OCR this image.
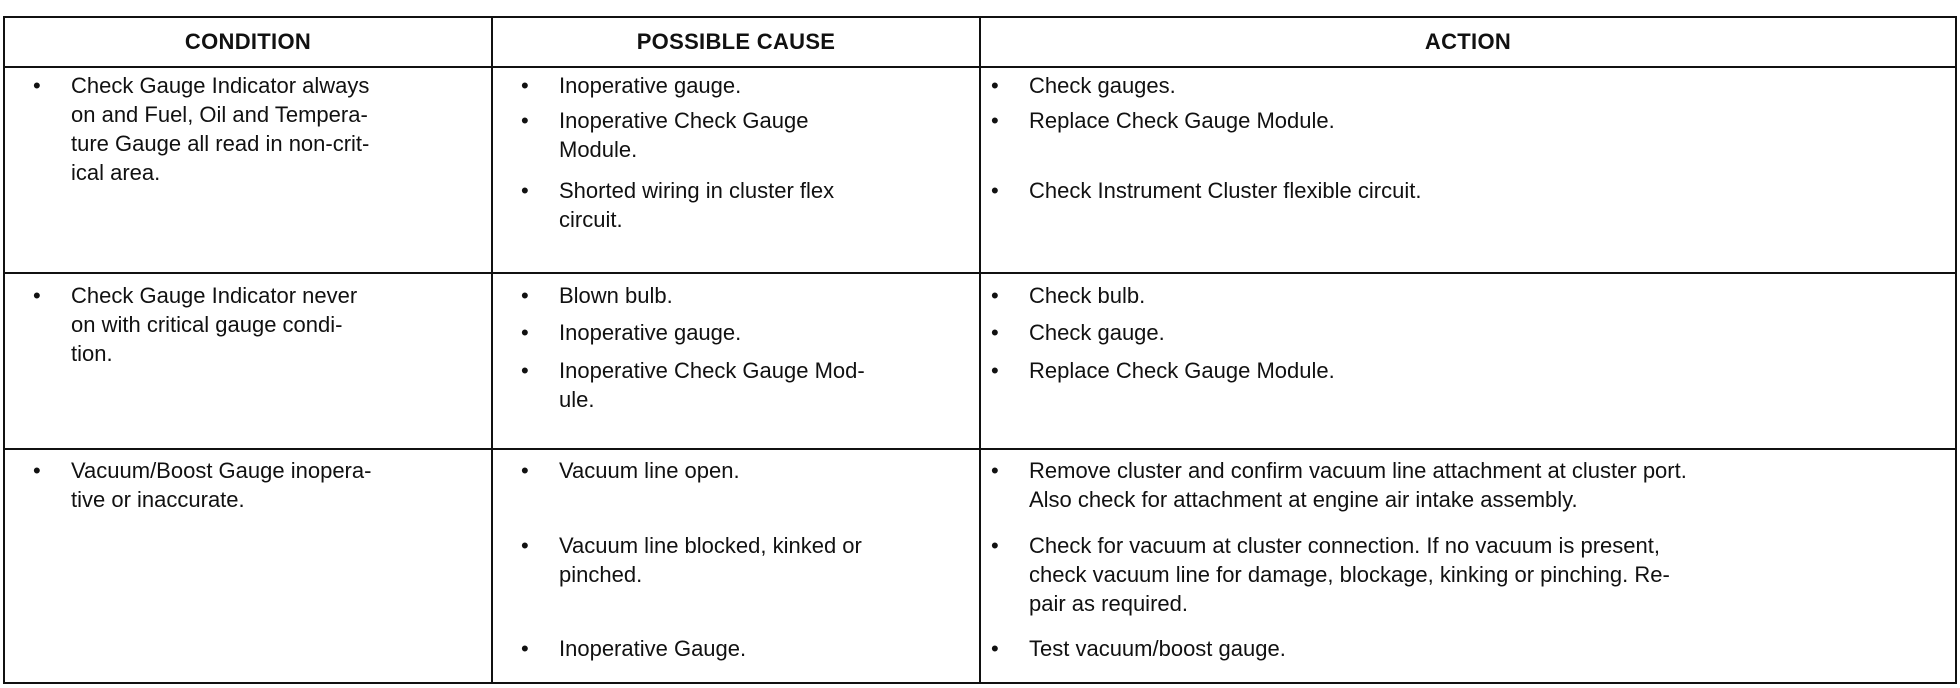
CONDITION	POSSIBLE CAUSE	ACTION
• Check Gauge Indicator always
on and Fuel, Oil and Tempera-
ture Gauge all read in non-crit-
ical area.
• Inoperative gauge.
• Inoperative Check Gauge
Module.
• Shorted wiring in cluster flex
circuit.
• Check gauges.
• Replace Check Gauge Module.
• Check Instrument Cluster flexible circuit.
• Check Gauge Indicator never
on with critical gauge condi-
tion.
• Blown bulb.
• Inoperative gauge.
• Inoperative Check Gauge Mod-
ule.
• Check bulb.
• Check gauge.
• Replace Check Gauge Module.
• Vacuum/Boost Gauge inopera-
tive or inaccurate.
• Vacuum line open.
• Vacuum line blocked, kinked or
pinched.
• Inoperative Gauge.
• Remove cluster and confirm vacuum line attachment at cluster port.
Also check for attachment at engine air intake assembly.
• Check for vacuum at cluster connection. If no vacuum is present,
check vacuum line for damage, blockage, kinking or pinching. Re-
pair as required.
• Test vacuum/boost gauge.
